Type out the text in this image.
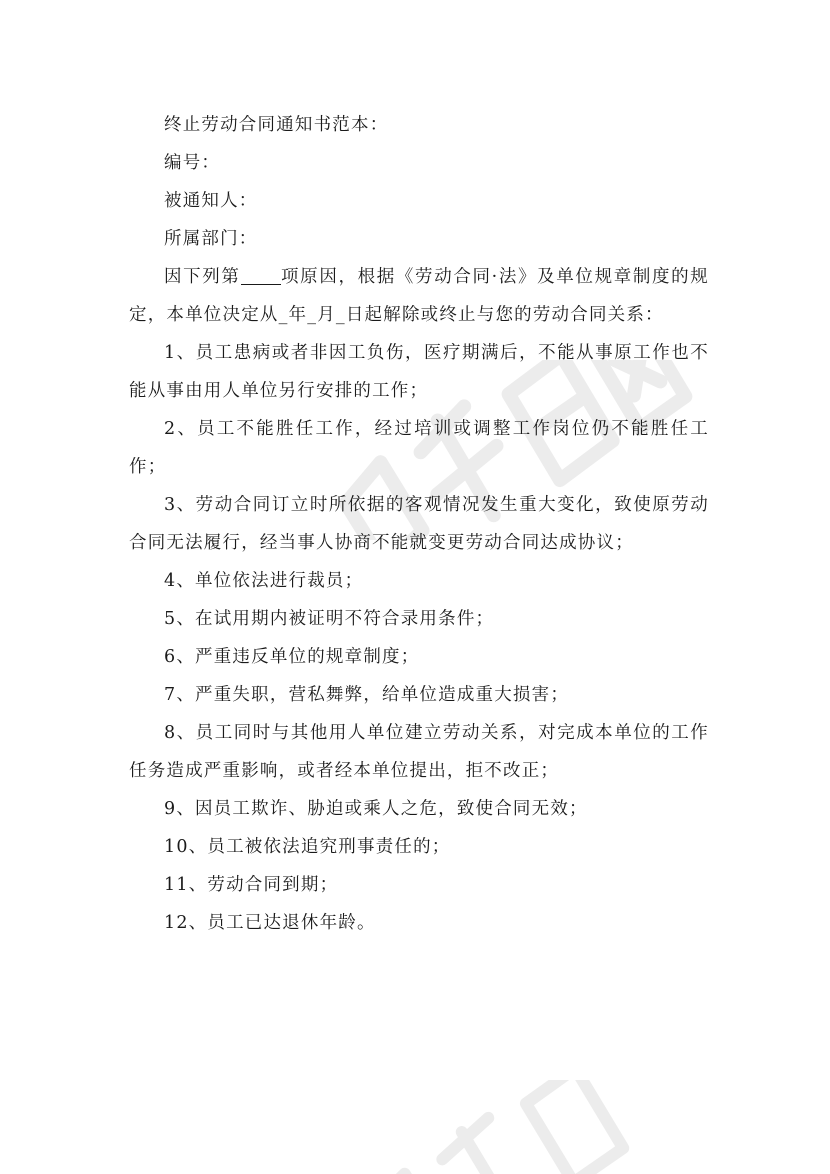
终止劳动合同通知书范本：

编号：

被通知人：

所属部门：

因下列第 项原因，根据《劳动合同·法》及单位规章制度的规定，本单位决定从_年_月_日起解除或终止与您的劳动合同关系：

1、员工患病或者非因工负伤，医疗期满后，不能从事原工作也不能从事由用人单位另行安排的工作；

2、员工不能胜任工作，经过培训或调整工作岗位仍不能胜任工作；

3、劳动合同订立时所依据的客观情况发生重大变化，致使原劳动合同无法履行，经当事人协商不能就变更劳动合同达成协议；

4、单位依法进行裁员；

5、在试用期内被证明不符合录用条件；

6、严重违反单位的规章制度；

7、严重失职，营私舞弊，给单位造成重大损害；

8、员工同时与其他用人单位建立劳动关系，对完成本单位的工作任务造成严重影响，或者经本单位提出，拒不改正；

9、因员工欺诈、胁迫或乘人之危，致使合同无效；

10、员工被依法追究刑事责任的；

11、劳动合同到期；

12、员工已达退休年龄。
